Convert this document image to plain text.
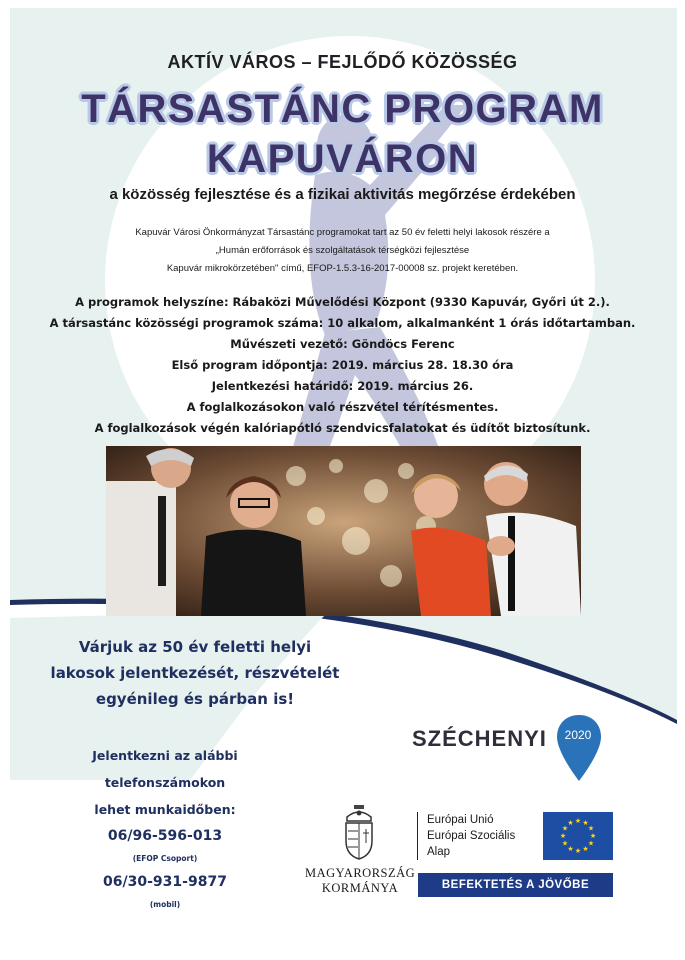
AKTÍV VÁROS – FEJLŐDŐ KÖZÖSSÉG
TÁRSASTÁNC PROGRAM
KAPUVÁRON
a közösség fejlesztése és a fizikai aktivitás megőrzése érdekében
Kapuvár Városi Önkormányzat Társastánc programokat tart az 50 év feletti helyi lakosok részére a
„Humán erőforrások és szolgáltatások térségközi fejlesztése
Kapuvár mikrokörzetében" című, EFOP-1.5.3-16-2017-00008 sz. projekt keretében.
A programok helyszíne: Rábaközi Művelődési Központ (9330 Kapuvár, Győri út 2.).
A társastánc közösségi programok száma: 10 alkalom, alkalmanként 1 órás időtartamban.
Művészeti vezető: Göndöcs Ferenc
Első program időpontja: 2019. március 28. 18.30 óra
Jelentkezési határidő: 2019. március 26.
A foglalkozásokon való részvétel térítésmentes.
A foglalkozások végén kalóriapótló szendvicsfalatokat és üdítőt biztosítunk.
Várjuk az 50 év feletti helyi
lakosok jelentkezését, részvételét
egyénileg és párban is!
Jelentkezni az alábbi
telefonszámokon
lehet munkaidőben:
06/96-596-013
(EFOP Csoport)
06/30-931-9877
(mobil)
SZÉCHENYI	2020
MAGYARORSZÁG
KORMÁNYA
Európai Unió
Európai Szociális
Alap
★
★
★
★
★
★
★
★
★ ★ ★
★
BEFEKTETÉS A JÖVŐBE
